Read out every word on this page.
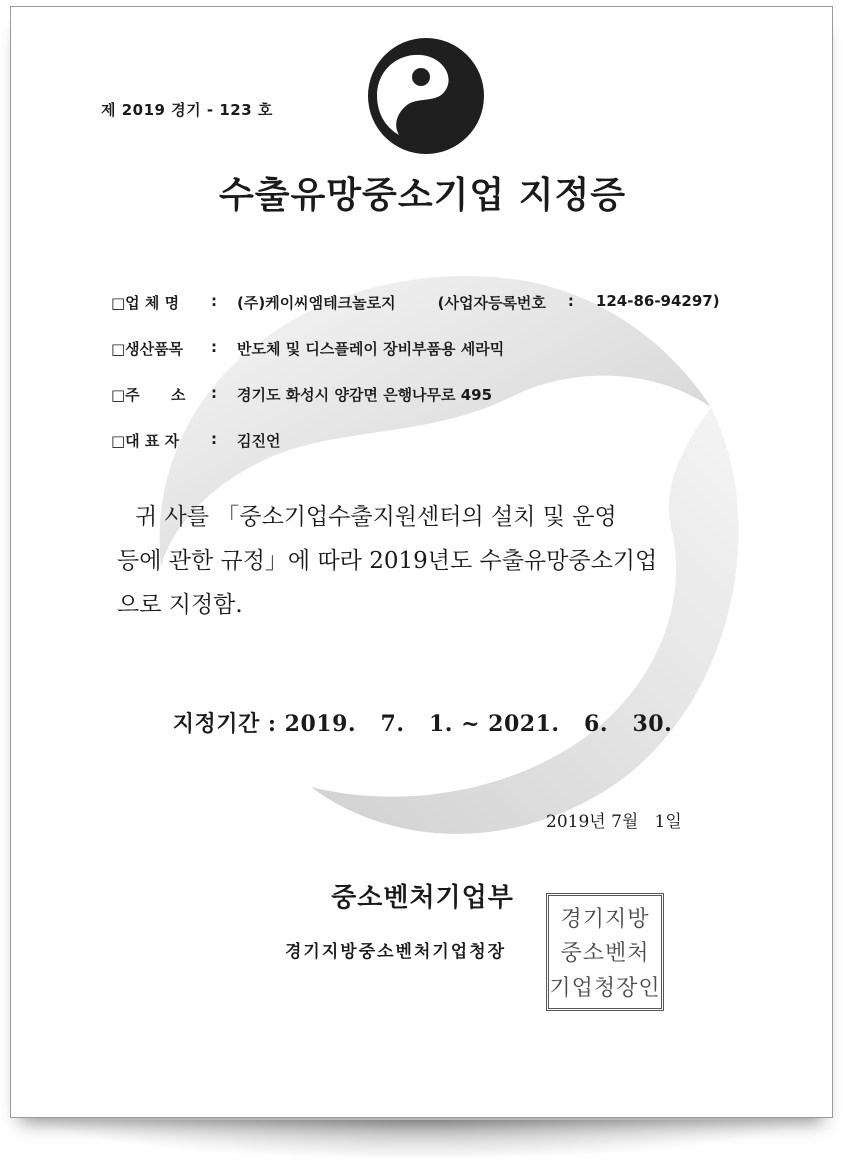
제 2019 경기 - 123 호
수출유망중소기업 지정증
□업 체 명	:	(주)케이씨엠테크놀로지	(사업자등록번호 : 124-86-94297)
□생산품목	:	반도체 및 디스플레이 장비부품용 세라믹
□주      소	:	경기도 화성시 양감면 은행나무로 495
□대 표 자	:	김진언

귀 사를 「중소기업수출지원센터의 설치 및 운영

등에 관한 규정」에 따라 2019년도 수출유망중소기업

으로 지정함.

지정기간 : 2019.   7.   1. ~ 2021.   6.   30.
2019년 7월   1일
중소벤처기업부
경기지방중소벤처기업청장
경기지방
중소벤처
기업청장인
